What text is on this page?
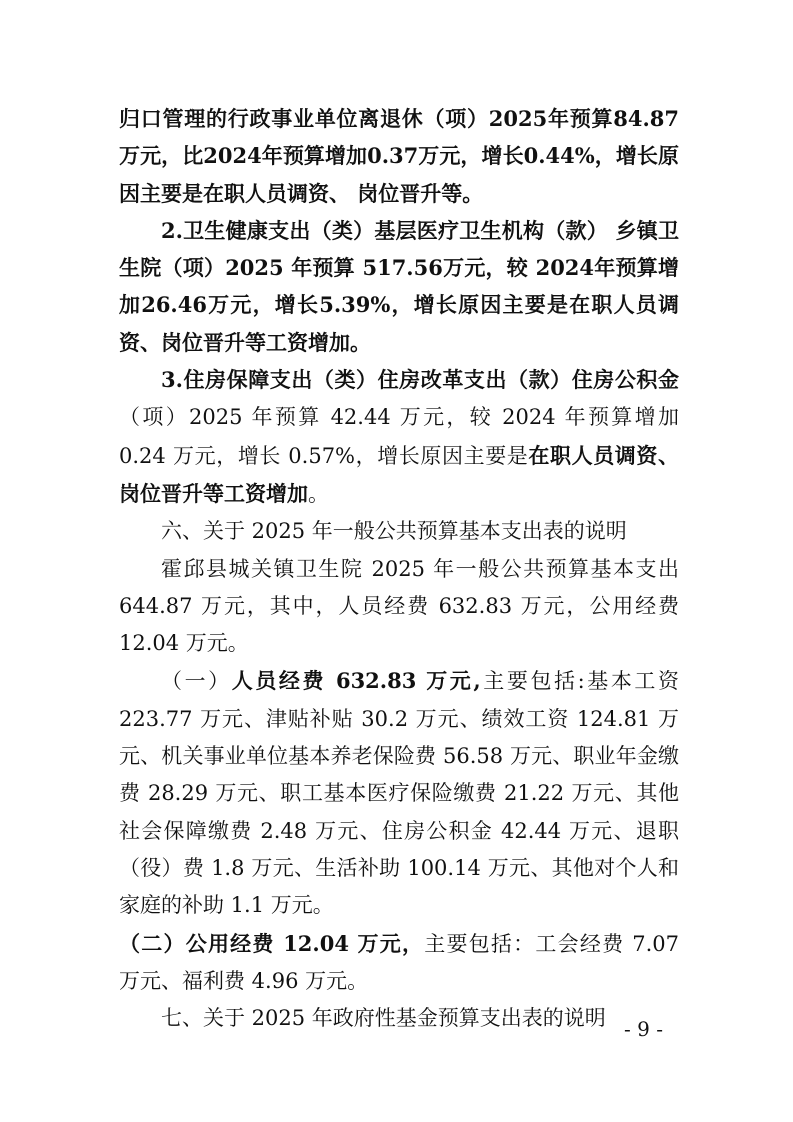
归口管理的行政事业单位离退休（项）2025年预算84.87万元，比2024年预算增加0.37万元，增长0.44%，增长原因主要是在职人员调资、 岗位晋升等。

2.卫生健康支出（类）基层医疗卫生机构（款） 乡镇卫生院（项）2025 年预算 517.56万元，较 2024年预算增加26.46万元，增长5.39%，增长原因主要是在职人员调资、岗位晋升等工资增加。

3.住房保障支出（类）住房改革支出（款）住房公积金（项）2025 年预算 42.44 万元，较 2024 年预算增加 0.24 万元，增长 0.57%，增长原因主要是在职人员调资、岗位晋升等工资增加。

六、关于 2025 年一般公共预算基本支出表的说明

霍邱县城关镇卫生院 2025 年一般公共预算基本支出 644.87 万元，其中，人员经费 632.83 万元，公用经费 12.04 万元。

（一）人员经费 632.83 万元,主要包括:基本工资 223.77 万元、津贴补贴 30.2 万元、绩效工资 124.81 万元、机关事业单位基本养老保险费 56.58 万元、职业年金缴费 28.29 万元、职工基本医疗保险缴费 21.22 万元、其他社会保障缴费 2.48 万元、住房公积金 42.44 万元、退职（役）费 1.8 万元、生活补助 100.14 万元、其他对个人和家庭的补助 1.1 万元。

（二）公用经费 12.04 万元，主要包括：工会经费 7.07 万元、福利费 4.96 万元。

七、关于 2025 年政府性基金预算支出表的说明 - 9 -
